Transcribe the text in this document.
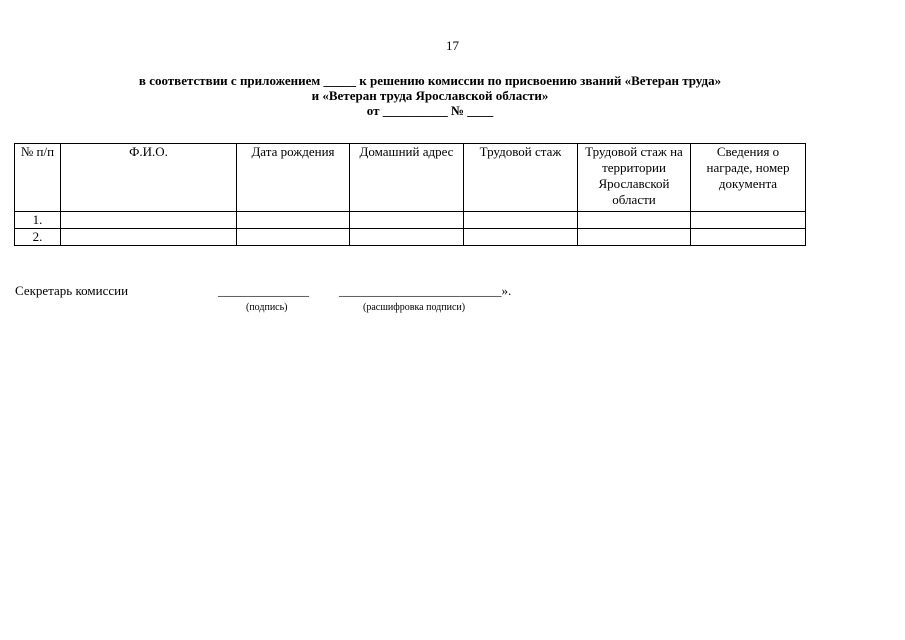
17
в соответствии с приложением _____ к решению комиссии по присвоению званий «Ветеран труда»
и «Ветеран труда Ярославской области»
от __________ № ____
№ п/п	Ф.И.О.	Дата рождения	Домашний адрес	Трудовой стаж	Трудовой стаж на территории Ярославской области	Сведения о награде, номер документа
1.						
2.						
Секретарь комиссии	______________ _________________________».
(подпись)	(расшифровка подписи)
